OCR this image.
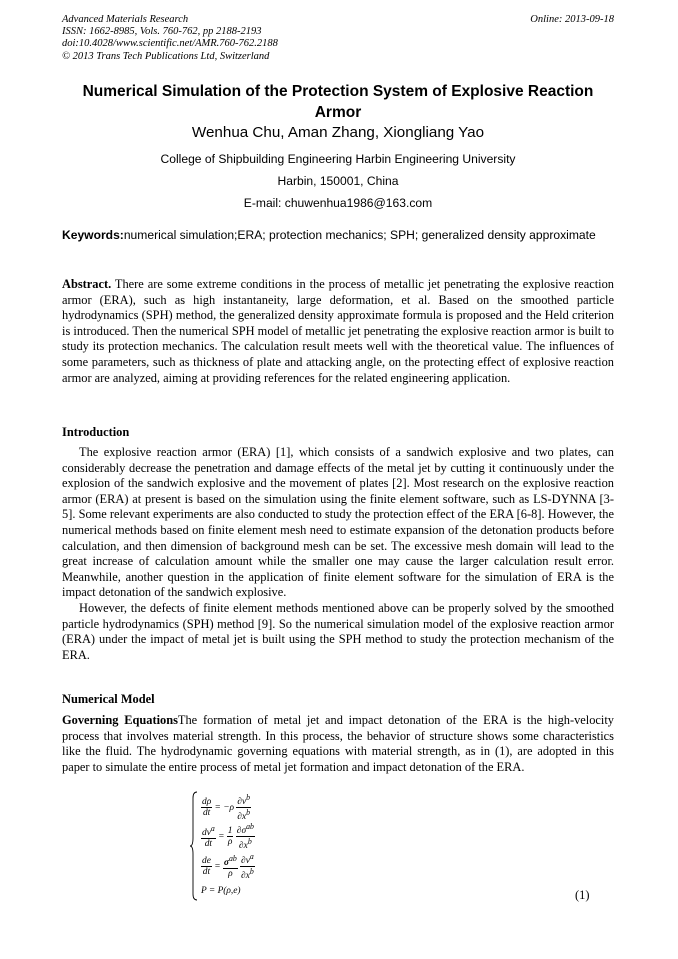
Advanced Materials Research
ISSN: 1662-8985, Vols. 760-762, pp 2188-2193
doi:10.4028/www.scientific.net/AMR.760-762.2188
© 2013 Trans Tech Publications Ltd, Switzerland
Online: 2013-09-18
Numerical Simulation of the Protection System of Explosive Reaction Armor
Wenhua Chu, Aman Zhang, Xiongliang Yao
College of Shipbuilding Engineering Harbin Engineering University
Harbin, 150001, China
E-mail: chuwenhua1986@163.com
Keywords:numerical simulation;ERA; protection mechanics; SPH; generalized density approximate
Abstract. There are some extreme conditions in the process of metallic jet penetrating the explosive reaction armor (ERA), such as high instantaneity, large deformation, et al. Based on the smoothed particle hydrodynamics (SPH) method, the generalized density approximate formula is proposed and the Held criterion is introduced. Then the numerical SPH model of metallic jet penetrating the explosive reaction armor is built to study its protection mechanics. The calculation result meets well with the theoretical value. The influences of some parameters, such as thickness of plate and attacking angle, on the protecting effect of explosive reaction armor are analyzed, aiming at providing references for the related engineering application.
Introduction

The explosive reaction armor (ERA) [1], which consists of a sandwich explosive and two plates, can considerably decrease the penetration and damage effects of the metal jet by cutting it continuously under the explosion of the sandwich explosive and the movement of plates [2]. Most research on the explosive reaction armor (ERA) at present is based on the simulation using the finite element software, such as LS-DYNNA [3-5]. Some relevant experiments are also conducted to study the protection effect of the ERA [6-8]. However, the numerical methods based on finite element mesh need to estimate expansion of the detonation products before calculation, and then dimension of background mesh can be set. The excessive mesh domain will lead to the great increase of calculation amount while the smaller one may cause the larger calculation result error. Meanwhile, another question in the application of finite element software for the simulation of ERA is the impact detonation of the sandwich explosive.

However, the defects of finite element methods mentioned above can be properly solved by the smoothed particle hydrodynamics (SPH) method [9]. So the numerical simulation model of the explosive reaction armor (ERA) under the impact of metal jet is built using the SPH method to study the protection mechanism of the ERA.

Numerical Model
Governing EquationsThe formation of metal jet and impact detonation of the ERA is the high-velocity process that involves material strength. In this process, the behavior of structure shows some characteristics like the fluid. The hydrodynamic governing equations with material strength, as in (1), are adopted in this paper to simulate the entire process of metal jet formation and impact detonation of the ERA.
$\frac{d\rho}{dt} = -\rho \frac{\partial v^b}{\partial x^b}$
$\frac{dv^a}{dt} = \frac{1}{\rho}$
$\frac{\partial\sigma^{ab}}{\partial x^b}$
$\frac{de}{dt} = \frac{\sigma^{ab}}{\rho}$
$\frac{\partial v^a}{\partial x^b}$
P = P(ρ,e)	(1)
